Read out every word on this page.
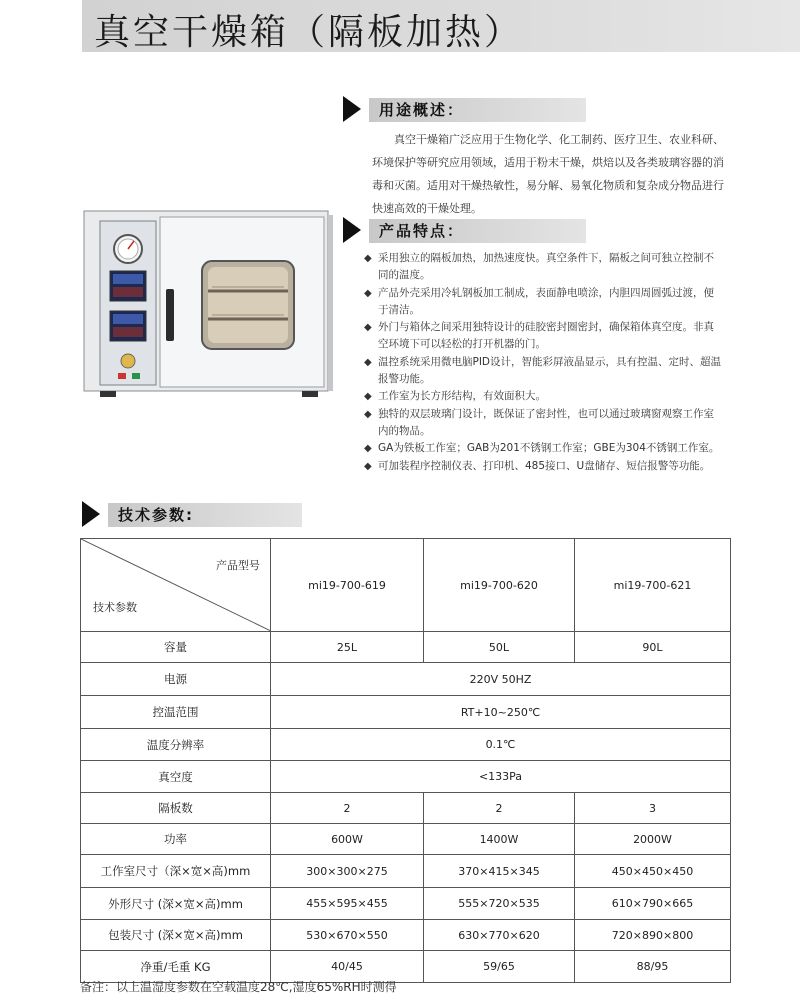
真空干燥箱（隔板加热）
用途概述：
真空干燥箱广泛应用于生物化学、化工制药、医疗卫生、农业科研、环境保护等研究应用领域，适用于粉末干燥，烘焙以及各类玻璃容器的消毒和灭菌。适用对干燥热敏性，易分解、易氧化物质和复杂成分物品进行快速高效的干燥处理。
产品特点：
◆ 采用独立的隔板加热，加热速度快。真空条件下，隔板之间可独立控制不同的温度。
◆ 产品外壳采用冷轧钢板加工制成，表面静电喷涂，内胆四周圆弧过渡，便于清洁。
◆ 外门与箱体之间采用独特设计的硅胶密封圈密封，确保箱体真空度。非真空环境下可以轻松的打开机器的门。
◆ 温控系统采用微电脑PID设计，智能彩屏液晶显示，具有控温、定时、超温报警功能。
◆ 工作室为长方形结构，有效面积大。
◆ 独特的双层玻璃门设计，既保证了密封性，也可以通过玻璃窗观察工作室内的物品。
◆ GA为铁板工作室；GAB为201不锈钢工作室；GBE为304不锈钢工作室。
◆ 可加装程序控制仪表、打印机、485接口、U盘储存、短信报警等功能。
技术参数:
产品型号
技术参数	mi19-700-619	mi19-700-620	mi19-700-621
容量	25L	50L	90L
电源	220V 50HZ		
控温范围	RT+10~250℃		
温度分辨率	0.1℃		
真空度	<133Pa		
隔板数	2	2	3
功率	600W	1400W	2000W
工作室尺寸（深×宽×高)mm	300×300×275	370×415×345	450×450×450
外形尺寸 (深×宽×高)mm	455×595×455	555×720×535	610×790×665
包装尺寸 (深×宽×高)mm	530×670×550	630×770×620	720×890×800
净重/毛重 KG	40/45	59/65	88/95
备注：以上温湿度参数在空载温度28℃,湿度65%RH时测得
